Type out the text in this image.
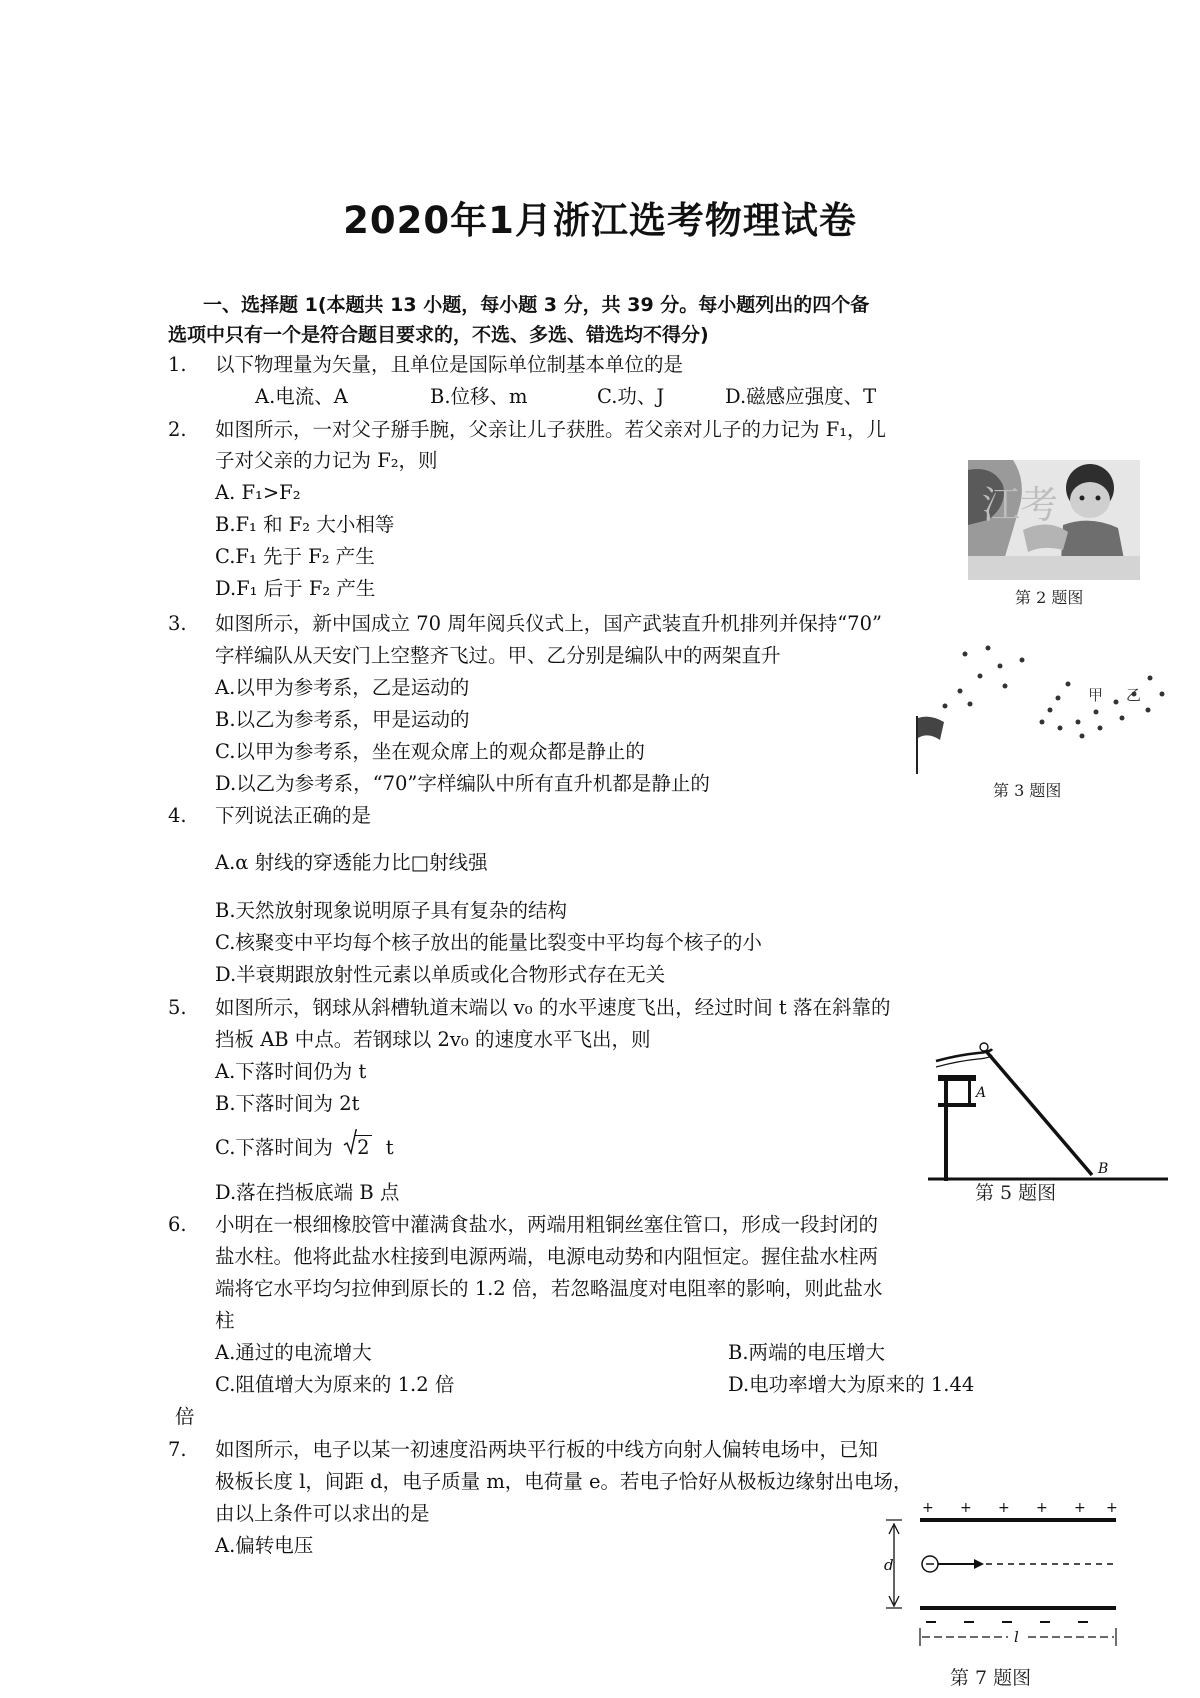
2020年1月浙江选考物理试卷
一、选择题 1(本题共 13 小题，每小题 3 分，共 39 分。每小题列出的四个备
选项中只有一个是符合题目要求的，不选、多选、错选均不得分)
1. 以下物理量为矢量，且单位是国际单位制基本单位的是
A.电流、A	B.位移、m	C.功、J	D.磁感应强度、T
2. 如图所示，一对父子掰手腕，父亲让儿子获胜。若父亲对儿子的力记为 F₁，儿
子对父亲的力记为 F₂，则
A. F₁>F₂
B.F₁ 和 F₂ 大小相等
C.F₁ 先于 F₂ 产生
D.F₁ 后于 F₂ 产生
江考
第 2 题图
3. 如图所示，新中国成立 70 周年阅兵仪式上，国产武装直升机排列并保持“70”
字样编队从天安门上空整齐飞过。甲、乙分别是编队中的两架直升
A.以甲为参考系，乙是运动的
B.以乙为参考系，甲是运动的
C.以甲为参考系，坐在观众席上的观众都是静止的
D.以乙为参考系，“70”字样编队中所有直升机都是静止的
甲 乙
第 3 题图
4. 下列说法正确的是
A.α 射线的穿透能力比□射线强
B.天然放射现象说明原子具有复杂的结构
C.核聚变中平均每个核子放出的能量比裂变中平均每个核子的小
D.半衰期跟放射性元素以单质或化合物形式存在无关
5. 如图所示，钢球从斜槽轨道末端以 v₀ 的水平速度飞出，经过时间 t 落在斜靠的
挡板 AB 中点。若钢球以 2v₀ 的速度水平飞出，则
A.下落时间仍为 t
B.下落时间为 2t
C.下落时间为 2 t
D.落在挡板底端 B 点
A
B
第 5 题图
6. 小明在一根细橡胶管中灌满食盐水，两端用粗铜丝塞住管口，形成一段封闭的
盐水柱。他将此盐水柱接到电源两端，电源电动势和内阻恒定。握住盐水柱两
端将它水平均匀拉伸到原长的 1.2 倍，若忽略温度对电阻率的影响，则此盐水
柱
A.通过的电流增大	B.两端的电压增大
C.阻值增大为原来的 1.2 倍	D.电功率增大为原来的 1.44
倍
7. 如图所示，电子以某一初速度沿两块平行板的中线方向射人偏转电场中，已知
极板长度 l，间距 d，电子质量 m，电荷量 e。若电子恰好从极板边缘射出电场，
由以上条件可以求出的是
A.偏转电压
+ + + + + +
d
l
第 7 题图
